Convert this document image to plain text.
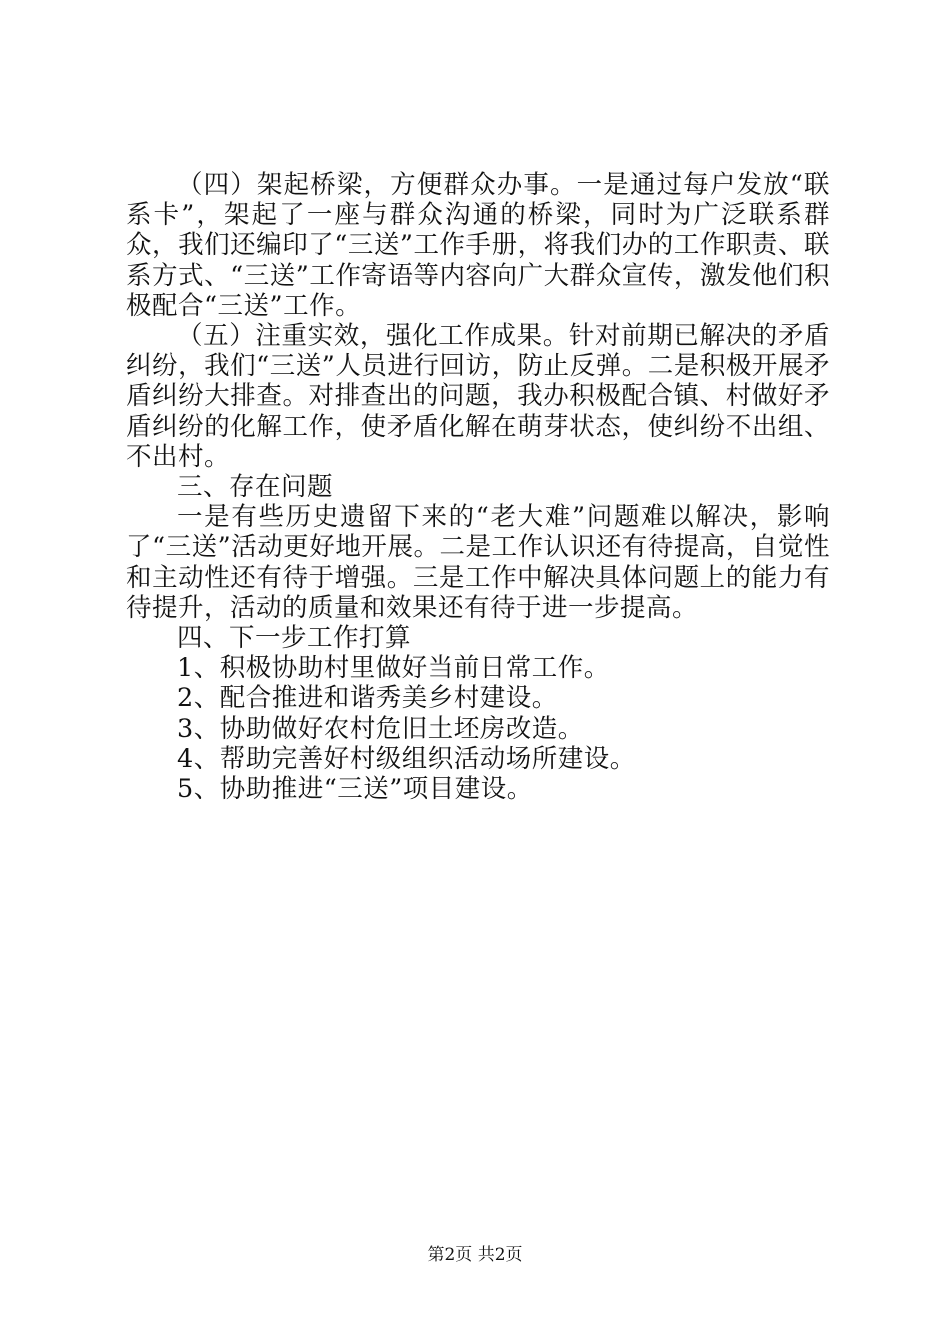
（四）架起桥梁，方便群众办事。一是通过每户发放“联系卡”，架起了一座与群众沟通的桥梁，同时为广泛联系群众，我们还编印了“三送”工作手册，将我们办的工作职责、联系方式、“三送”工作寄语等内容向广大群众宣传，激发他们积极配合“三送”工作。

（五）注重实效，强化工作成果。针对前期已解决的矛盾纠纷，我们“三送”人员进行回访，防止反弹。二是积极开展矛盾纠纷大排查。对排查出的问题，我办积极配合镇、村做好矛盾纠纷的化解工作，使矛盾化解在萌芽状态，使纠纷不出组、不出村。

三、存在问题

一是有些历史遗留下来的“老大难”问题难以解决，影响了“三送”活动更好地开展。二是工作认识还有待提高，自觉性和主动性还有待于增强。三是工作中解决具体问题上的能力有待提升，活动的质量和效果还有待于进一步提高。

四、下一步工作打算

1、积极协助村里做好当前日常工作。

2、配合推进和谐秀美乡村建设。

3、协助做好农村危旧土坯房改造。

4、帮助完善好村级组织活动场所建设。

5、协助推进“三送”项目建设。

第2页 共2页
